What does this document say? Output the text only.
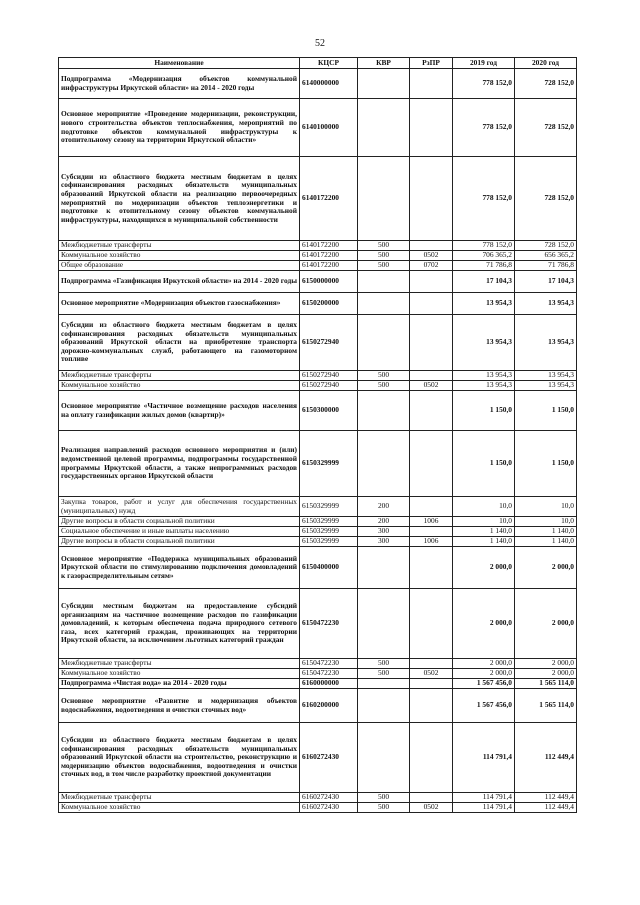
52
Наименование	КЦСР	КВР	РзПР	2019 год	2020 год
Подпрограмма «Модернизация объектов коммунальной инфраструктуры Иркутской области» на 2014 - 2020 годы	6140000000			778 152,0	728 152,0
Основное мероприятие «Проведение модернизации, реконструкции, нового строительства объектов теплоснабжения, мероприятий по подготовке объектов коммунальной инфраструктуры к отопительному сезону на территории Иркутской области»	6140100000			778 152,0	728 152,0
Субсидии из областного бюджета местным бюджетам в целях софинансирования расходных обязательств муниципальных образований Иркутской области на реализацию первоочередных мероприятий по модернизации объектов теплоэнергетики и подготовке к отопительному сезону объектов коммунальной инфраструктуры, находящихся в муниципальной собственности	6140172200			778 152,0	728 152,0
Межбюджетные трансферты	6140172200	500		778 152,0	728 152,0
Коммунальное хозяйство	6140172200	500	0502	706 365,2	656 365,2
Общее образование	6140172200	500	0702	71 786,8	71 786,8
Подпрограмма «Газификация Иркутской области» на 2014 - 2020 годы	6150000000			17 104,3	17 104,3
Основное мероприятие «Модернизация объектов газоснабжения»	6150200000			13 954,3	13 954,3
Субсидии из областного бюджета местным бюджетам в целях софинансирования расходных обязательств муниципальных образований Иркутской области на приобретение транспорта дорожно-коммунальных служб, работающего на газомоторном топливе	6150272940			13 954,3	13 954,3
Межбюджетные трансферты	6150272940	500		13 954,3	13 954,3
Коммунальное хозяйство	6150272940	500	0502	13 954,3	13 954,3
Основное мероприятие «Частичное возмещение расходов населения на оплату газификации жилых домов (квартир)»	6150300000			1 150,0	1 150,0
Реализация направлений расходов основного мероприятия и (или) ведомственной целевой программы, подпрограммы государственной программы Иркутской области, а также непрограммных расходов государственных органов Иркутской области	6150329999			1 150,0	1 150,0
Закупка товаров, работ и услуг для обеспечения государственных (муниципальных) нужд	6150329999	200		10,0	10,0
Другие вопросы в области социальной политики	6150329999	200	1006	10,0	10,0
Социальное обеспечение и иные выплаты населению	6150329999	300		1 140,0	1 140,0
Другие вопросы в области социальной политики	6150329999	300	1006	1 140,0	1 140,0
Основное мероприятие «Поддержка муниципальных образований Иркутской области по стимулированию подключения домовладений к газораспределительным сетям»	6150400000			2 000,0	2 000,0
Субсидии местным бюджетам на предоставление субсидий организациям на частичное возмещение расходов по газификации домовладений, к которым обеспечена подача природного сетевого газа, всех категорий граждан, проживающих на территории Иркутской области, за исключением льготных категорий граждан	6150472230			2 000,0	2 000,0
Межбюджетные трансферты	6150472230	500		2 000,0	2 000,0
Коммунальное хозяйство	6150472230	500	0502	2 000,0	2 000,0
Подпрограмма «Чистая вода» на 2014 - 2020 годы	6160000000			1 567 456,0	1 565 114,0
Основное мероприятие «Развитие и модернизация объектов водоснабжения, водоотведения и очистки сточных вод»	6160200000			1 567 456,0	1 565 114,0
Субсидии из областного бюджета местным бюджетам в целях софинансирования расходных обязательств муниципальных образований Иркутской области на строительство, реконструкцию и модернизацию объектов водоснабжения, водоотведения и очистки сточных вод, в том числе разработку проектной документации	6160272430			114 791,4	112 449,4
Межбюджетные трансферты	6160272430	500		114 791,4	112 449,4
Коммунальное хозяйство	6160272430	500	0502	114 791,4	112 449,4
